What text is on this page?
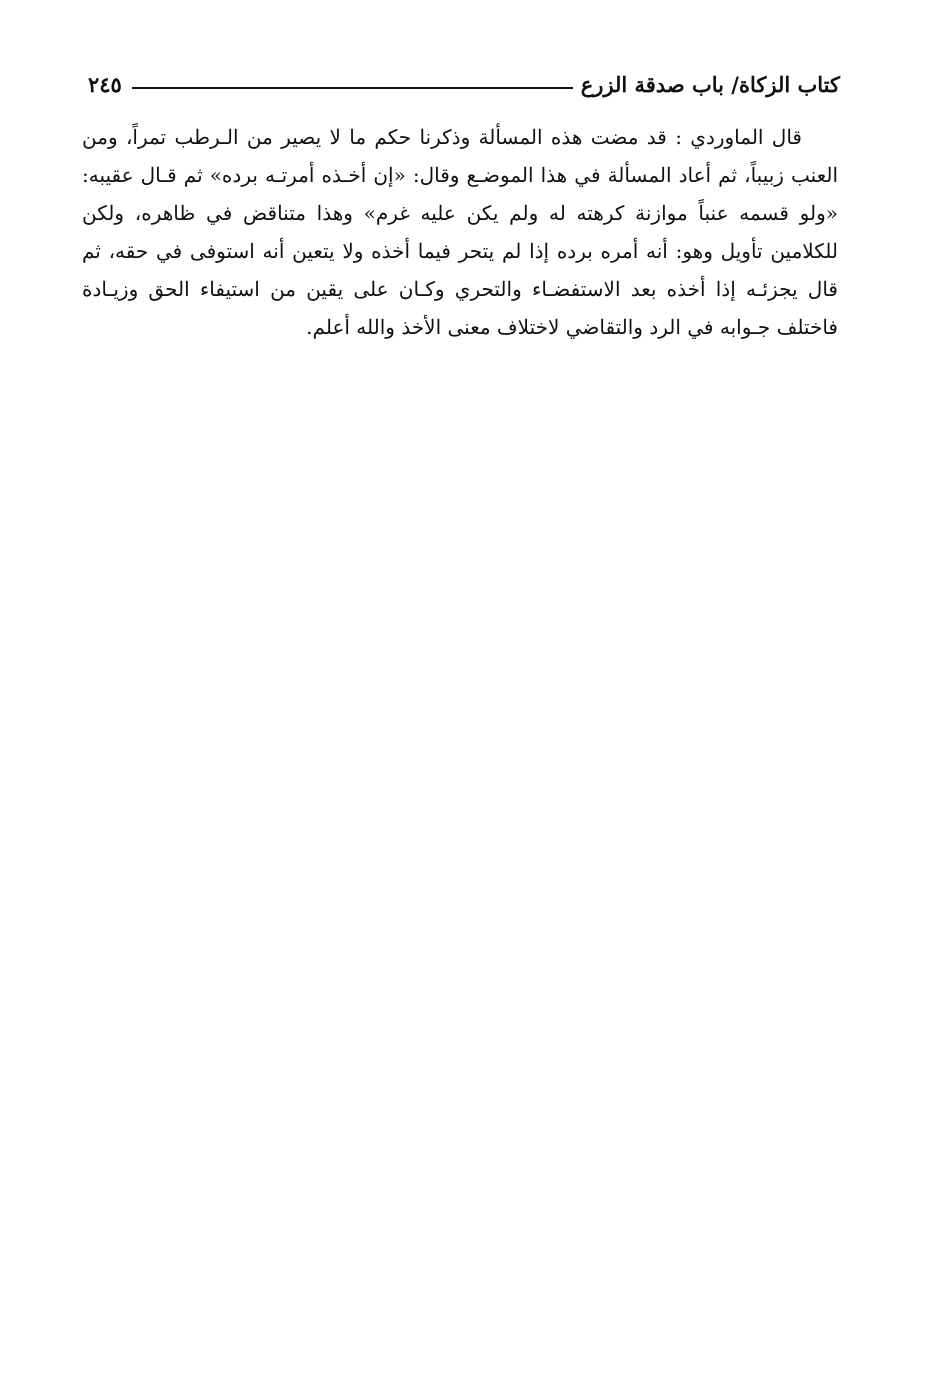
كتاب الزكاة/ باب صدقة الزرع
٢٤٥

قال الماوردي : قد مضت هذه المسألة وذكرنا حكم ما لا يصير من الـرطب تمراً، ومن العنب زبيباً، ثم أعاد المسألة في هذا الموضـع وقال: «إن أخـذه أمرتـه برده» ثم قـال عقيبه: «ولو قسمه عنباً موازنة كرهته له ولم يكن عليه غرم» وهذا متناقض في ظاهره، ولكن للكلامين تأويل وهو: أنه أمره برده إذا لم يتحر فيما أخذه ولا يتعين أنه استوفى في حقه، ثم قال يجزئـه إذا أخذه بعد الاستفضـاء والتحري وكـان على يقين من استيفاء الحق وزيـادة فاختلف جـوابه في الرد والتقاضي لاختلاف معنى الأخذ والله أعلم.
